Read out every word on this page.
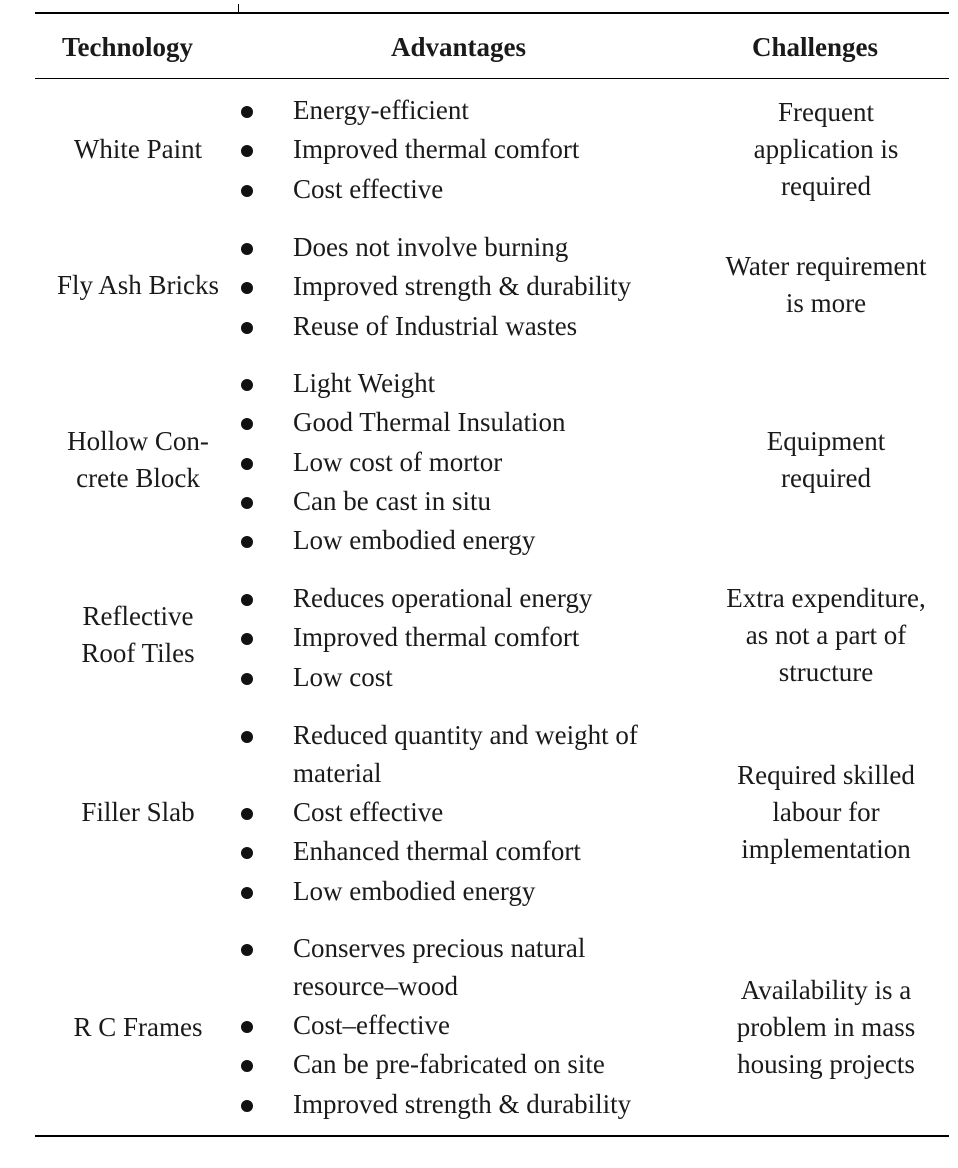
Technology	Advantages	Challenges
White Paint
Energy-efficient
Improved thermal comfort
Cost effective
Frequent
application is
required
Fly Ash Bricks
Does not involve burning
Improved strength & durability
Reuse of Industrial wastes
Water requirement
is more
Hollow Con-
crete Block
Light Weight
Good Thermal Insulation
Low cost of mortor
Can be cast in situ
Low embodied energy
Equipment
required
Reflective
Roof Tiles
Reduces operational energy
Improved thermal comfort
Low cost
Extra expenditure,
as not a part of
structure
Filler Slab
Reduced quantity and weight of
material
Cost effective
Enhanced thermal comfort
Low embodied energy
Required skilled
labour for
implementation
R C Frames
Conserves precious natural
resource–wood
Cost–effective
Can be pre-fabricated on site
Improved strength & durability
Availability is a
problem in mass
housing projects
